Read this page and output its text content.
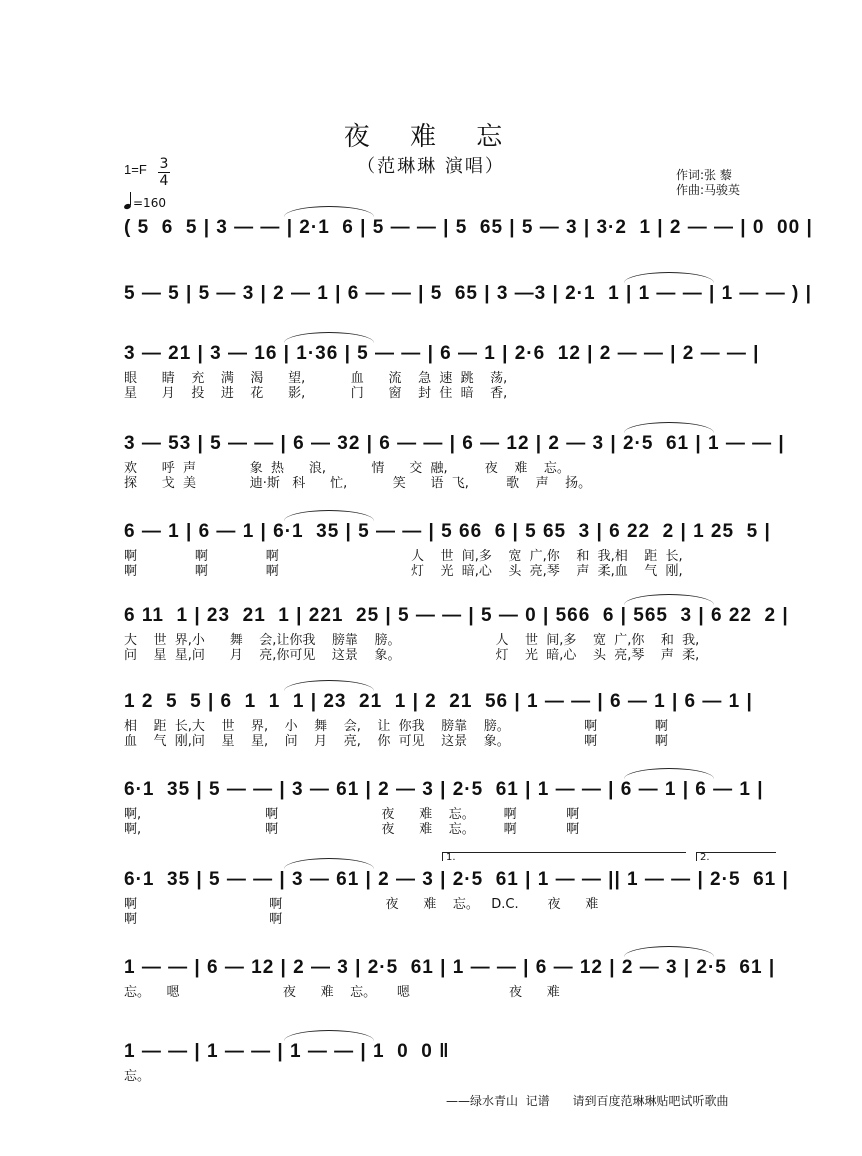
夜 难 忘
（范琳琳 演唱）	作词:张 藜
作曲:马骏英
1=F 3
4
=160
( 5  6  5 | 3 — — | 2·1  6 | 5 — — | 5  65 | 5 — 3 | 3·2  1 | 2 — — | 0  00 |
5 — 5 | 5 — 3 | 2 — 1 | 6 — — | 5  65 | 3 —3 | 2·1  1 | 1 — — | 1 — — ) |
3 — 21 | 3 — 16 | 1·36 | 5 — — | 6 — 1 | 2·6  12 | 2 — — | 2 — — |
眼      睛    充    满    渴      望,           血      流    急  速  跳    荡,
星      月    投    进    花      影,           门      窗    封  住  暗    香,
3 — 53 | 5 — — | 6 — 32 | 6 — — | 6 — 12 | 2 — 3 | 2·5  61 | 1 — — |
欢      呼  声             象  热      浪,           情      交  融,         夜    难    忘。
探      戈  美             迪·斯   科      忙,           笑      语  飞,         歌    声    扬。
6 — 1 | 6 — 1 | 6·1  35 | 5 — — | 5 66  6 | 5 65  3 | 6 22  2 | 1 25  5 |
啊              啊              啊                                人    世  间,多    宽  广,你    和  我,相    距  长,
啊              啊              啊                                灯    光  暗,心    头  亮,琴    声  柔,血    气  刚,
6 11  1 | 23  21  1 | 221  25 | 5 — — | 5 — 0 | 566  6 | 565  3 | 6 22  2 |
大    世  界,小      舞    会,让你我    膀靠    膀。                       人    世  间,多    宽  广,你    和  我,
问    星  星,问      月    亮,你可见    这景    象。                       灯    光  暗,心    头  亮,琴    声  柔,
1 2  5  5 | 6  1  1  1 | 23  21  1 | 2  21  56 | 1 — — | 6 — 1 | 6 — 1 |
相    距  长,大    世    界,    小    舞    会,    让  你我    膀靠    膀。                  啊              啊
血    气  刚,问    星    星,    问    月    亮,    你  可见    这景    象。                  啊              啊
6·1  35 | 5 — — | 3 — 61 | 2 — 3 | 2·5  61 | 1 — — | 6 — 1 | 6 — 1 |
啊,                              啊                         夜      难    忘。       啊            啊
啊,                              啊                         夜      难    忘。       啊            啊
6·1  35 | 5 — — | 3 — 61 | 2 — 3 | 2·5  61 | 1 — — || 1 — — | 2·5  61 |
啊                                啊                         夜      难    忘。   D.C.       夜      难
啊                                啊
1.	2.
1 — — | 6 — 12 | 2 — 3 | 2·5  61 | 1 — — | 6 — 12 | 2 — 3 | 2·5  61 |
忘。    嗯                         夜      难    忘。     嗯                        夜      难
1 — — | 1 — — | 1 — — | 1  0  0 ‖
忘。
——绿水青山  记谱      请到百度范琳琳贴吧试听歌曲
